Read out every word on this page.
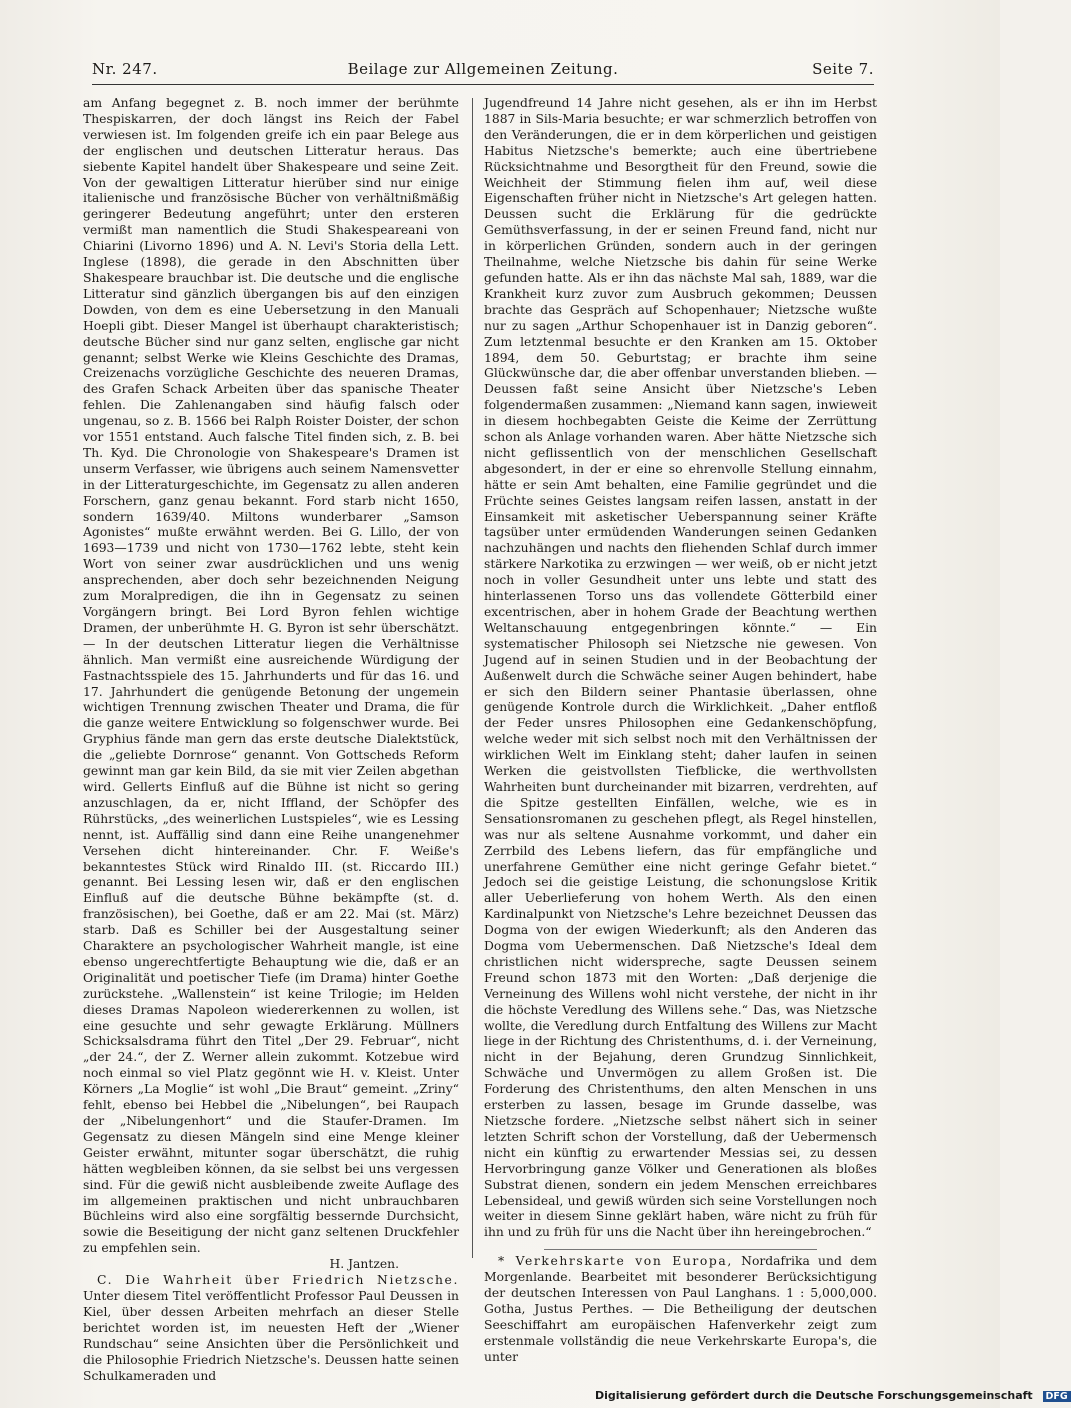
Nr. 247.	Beilage zur Allgemeinen Zeitung.	Seite 7.

am Anfang begegnet z. B. noch immer der berühmte Thespiskarren, der doch längst ins Reich der Fabel verwiesen ist. Im folgenden greife ich ein paar Belege aus der englischen und deutschen Litteratur heraus. Das siebente Kapitel handelt über Shakespeare und seine Zeit. Von der gewaltigen Litteratur hierüber sind nur einige italienische und französische Bücher von verhältnißmäßig geringerer Bedeutung angeführt; unter den ersteren vermißt man namentlich die Studi Shakespeareani von Chiarini (Livorno 1896) und A. N. Levi's Storia della Lett. Inglese (1898), die gerade in den Abschnitten über Shakespeare brauchbar ist. Die deutsche und die englische Litteratur sind gänzlich übergangen bis auf den einzigen Dowden, von dem es eine Uebersetzung in den Manuali Hoepli gibt. Dieser Mangel ist überhaupt charakteristisch; deutsche Bücher sind nur ganz selten, englische gar nicht genannt; selbst Werke wie Kleins Geschichte des Dramas, Creizenachs vorzügliche Geschichte des neueren Dramas, des Grafen Schack Arbeiten über das spanische Theater fehlen. Die Zahlenangaben sind häufig falsch oder ungenau, so z. B. 1566 bei Ralph Roister Doister, der schon vor 1551 entstand. Auch falsche Titel finden sich, z. B. bei Th. Kyd. Die Chronologie von Shakespeare's Dramen ist unserm Verfasser, wie übrigens auch seinem Namensvetter in der Litteraturgeschichte, im Gegensatz zu allen anderen Forschern, ganz genau bekannt. Ford starb nicht 1650, sondern 1639/40. Miltons wunderbarer „Samson Agonistes“ mußte erwähnt werden. Bei G. Lillo, der von 1693—1739 und nicht von 1730—1762 lebte, steht kein Wort von seiner zwar ausdrücklichen und uns wenig ansprechenden, aber doch sehr bezeichnenden Neigung zum Moralpredigen, die ihn in Gegensatz zu seinen Vorgängern bringt. Bei Lord Byron fehlen wichtige Dramen, der unberühmte H. G. Byron ist sehr überschätzt. — In der deutschen Litteratur liegen die Verhältnisse ähnlich. Man vermißt eine ausreichende Würdigung der Fastnachtsspiele des 15. Jahrhunderts und für das 16. und 17. Jahrhundert die genügende Betonung der ungemein wichtigen Trennung zwischen Theater und Drama, die für die ganze weitere Entwicklung so folgenschwer wurde. Bei Gryphius fände man gern das erste deutsche Dialektstück, die „geliebte Dornrose“ genannt. Von Gottscheds Reform gewinnt man gar kein Bild, da sie mit vier Zeilen abgethan wird. Gellerts Einfluß auf die Bühne ist nicht so gering anzuschlagen, da er, nicht Iffland, der Schöpfer des Rührstücks, „des weinerlichen Lustspieles“, wie es Lessing nennt, ist. Auffällig sind dann eine Reihe unangenehmer Versehen dicht hintereinander. Chr. F. Weiße's bekanntestes Stück wird Rinaldo III. (st. Riccardo III.) genannt. Bei Lessing lesen wir, daß er den englischen Einfluß auf die deutsche Bühne bekämpfte (st. d. französischen), bei Goethe, daß er am 22. Mai (st. März) starb. Daß es Schiller bei der Ausgestaltung seiner Charaktere an psychologischer Wahrheit mangle, ist eine ebenso ungerechtfertigte Behauptung wie die, daß er an Originalität und poetischer Tiefe (im Drama) hinter Goethe zurückstehe. „Wallenstein“ ist keine Trilogie; im Helden dieses Dramas Napoleon wiedererkennen zu wollen, ist eine gesuchte und sehr gewagte Erklärung. Müllners Schicksalsdrama führt den Titel „Der 29. Februar“, nicht „der 24.“, der Z. Werner allein zukommt. Kotzebue wird noch einmal so viel Platz gegönnt wie H. v. Kleist. Unter Körners „La Moglie“ ist wohl „Die Braut“ gemeint. „Zriny“ fehlt, ebenso bei Hebbel die „Nibelungen“, bei Raupach der „Nibelungenhort“ und die Staufer-Dramen. Im Gegensatz zu diesen Mängeln sind eine Menge kleiner Geister erwähnt, mitunter sogar überschätzt, die ruhig hätten wegbleiben können, da sie selbst bei uns vergessen sind. Für die gewiß nicht ausbleibende zweite Auflage des im allgemeinen praktischen und nicht unbrauchbaren Büchleins wird also eine sorgfältig bessernde Durchsicht, sowie die Beseitigung der nicht ganz seltenen Druckfehler zu empfehlen sein.

H. Jantzen.

C. Die Wahrheit über Friedrich Nietzsche. Unter diesem Titel veröffentlicht Professor Paul Deussen in Kiel, über dessen Arbeiten mehrfach an dieser Stelle berichtet worden ist, im neuesten Heft der „Wiener Rundschau“ seine Ansichten über die Persönlichkeit und die Philosophie Friedrich Nietzsche's. Deussen hatte seinen Schulkameraden und

Jugendfreund 14 Jahre nicht gesehen, als er ihn im Herbst 1887 in Sils-Maria besuchte; er war schmerzlich betroffen von den Veränderungen, die er in dem körperlichen und geistigen Habitus Nietzsche's bemerkte; auch eine übertriebene Rücksichtnahme und Besorgtheit für den Freund, sowie die Weichheit der Stimmung fielen ihm auf, weil diese Eigenschaften früher nicht in Nietzsche's Art gelegen hatten. Deussen sucht die Erklärung für die gedrückte Gemüthsverfassung, in der er seinen Freund fand, nicht nur in körperlichen Gründen, sondern auch in der geringen Theilnahme, welche Nietzsche bis dahin für seine Werke gefunden hatte. Als er ihn das nächste Mal sah, 1889, war die Krankheit kurz zuvor zum Ausbruch gekommen; Deussen brachte das Gespräch auf Schopenhauer; Nietzsche wußte nur zu sagen „Arthur Schopenhauer ist in Danzig geboren“. Zum letztenmal besuchte er den Kranken am 15. Oktober 1894, dem 50. Geburtstag; er brachte ihm seine Glückwünsche dar, die aber offenbar unverstanden blieben. — Deussen faßt seine Ansicht über Nietzsche's Leben folgendermaßen zusammen: „Niemand kann sagen, inwieweit in diesem hochbegabten Geiste die Keime der Zerrüttung schon als Anlage vorhanden waren. Aber hätte Nietzsche sich nicht geflissentlich von der menschlichen Gesellschaft abgesondert, in der er eine so ehrenvolle Stellung einnahm, hätte er sein Amt behalten, eine Familie gegründet und die Früchte seines Geistes langsam reifen lassen, anstatt in der Einsamkeit mit asketischer Ueberspannung seiner Kräfte tagsüber unter ermüdenden Wanderungen seinen Gedanken nachzuhängen und nachts den fliehenden Schlaf durch immer stärkere Narkotika zu erzwingen — wer weiß, ob er nicht jetzt noch in voller Gesundheit unter uns lebte und statt des hinterlassenen Torso uns das vollendete Götterbild einer excentrischen, aber in hohem Grade der Beachtung werthen Weltanschauung entgegenbringen könnte.“ — Ein systematischer Philosoph sei Nietzsche nie gewesen. Von Jugend auf in seinen Studien und in der Beobachtung der Außenwelt durch die Schwäche seiner Augen behindert, habe er sich den Bildern seiner Phantasie überlassen, ohne genügende Kontrole durch die Wirklichkeit. „Daher entfloß der Feder unsres Philosophen eine Gedankenschöpfung, welche weder mit sich selbst noch mit den Verhältnissen der wirklichen Welt im Einklang steht; daher laufen in seinen Werken die geistvollsten Tiefblicke, die werthvollsten Wahrheiten bunt durcheinander mit bizarren, verdrehten, auf die Spitze gestellten Einfällen, welche, wie es in Sensationsromanen zu geschehen pflegt, als Regel hinstellen, was nur als seltene Ausnahme vorkommt, und daher ein Zerrbild des Lebens liefern, das für empfängliche und unerfahrene Gemüther eine nicht geringe Gefahr bietet.“ Jedoch sei die geistige Leistung, die schonungslose Kritik aller Ueberlieferung von hohem Werth. Als den einen Kardinalpunkt von Nietzsche's Lehre bezeichnet Deussen das Dogma von der ewigen Wiederkunft; als den Anderen das Dogma vom Uebermenschen. Daß Nietzsche's Ideal dem christlichen nicht widerspreche, sagte Deussen seinem Freund schon 1873 mit den Worten: „Daß derjenige die Verneinung des Willens wohl nicht verstehe, der nicht in ihr die höchste Veredlung des Willens sehe.“ Das, was Nietzsche wollte, die Veredlung durch Entfaltung des Willens zur Macht liege in der Richtung des Christenthums, d. i. der Verneinung, nicht in der Bejahung, deren Grundzug Sinnlichkeit, Schwäche und Unvermögen zu allem Großen ist. Die Forderung des Christenthums, den alten Menschen in uns ersterben zu lassen, besage im Grunde dasselbe, was Nietzsche fordere. „Nietzsche selbst nähert sich in seiner letzten Schrift schon der Vorstellung, daß der Uebermensch nicht ein künftig zu erwartender Messias sei, zu dessen Hervorbringung ganze Völker und Generationen als bloßes Substrat dienen, sondern ein jedem Menschen erreichbares Lebensideal, und gewiß würden sich seine Vorstellungen noch weiter in diesem Sinne geklärt haben, wäre nicht zu früh für ihn und zu früh für uns die Nacht über ihn hereingebrochen.“

* Verkehrskarte von Europa, Nordafrika und dem Morgenlande. Bearbeitet mit besonderer Berücksichtigung der deutschen Interessen von Paul Langhans. 1 : 5,000,000. Gotha, Justus Perthes. — Die Betheiligung der deutschen Seeschiffahrt am europäischen Hafenverkehr zeigt zum erstenmale vollständig die neue Verkehrskarte Europa's, die unter

Digitalisierung gefördert durch die Deutsche Forschungsgemeinschaft DFG
